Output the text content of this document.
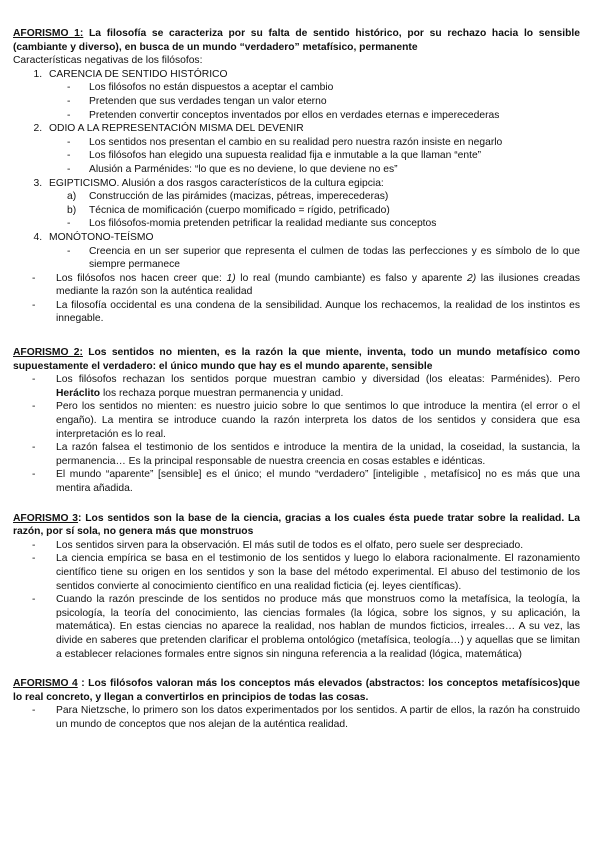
AFORISMO 1: La filosofía se caracteriza por su falta de sentido histórico, por su rechazo hacia lo sensible (cambiante y diverso), en busca de un mundo “verdadero” metafísico, permanente

Características negativas de los filósofos:

1. CARENCIA DE SENTIDO HISTÓRICO
- Los filósofos no están dispuestos a aceptar el cambio
- Pretenden que sus verdades tengan un valor eterno
- Pretenden convertir conceptos inventados por ellos en verdades eternas e imperecederas
2. ODIO A LA REPRESENTACIÓN MISMA DEL DEVENIR
- Los sentidos nos presentan el cambio en su realidad pero nuestra razón insiste en negarlo
- Los filósofos han elegido una supuesta realidad fija e inmutable a la que llaman “ente”
- Alusión a Parménides: “lo que es no deviene, lo que deviene no es”
3. EGIPTICISMO. Alusión a dos rasgos característicos de la cultura egipcia:
a) Construcción de las pirámides (macizas, pétreas, imperecederas)
b) Técnica de momificación (cuerpo momificado = rígido, petrificado)
- Los filósofos-momia pretenden petrificar la realidad mediante sus conceptos
4. MONÓTONO-TEÍSMO
- Creencia en un ser superior que representa el culmen de todas las perfecciones y es símbolo de lo que siempre permanece
- Los filósofos nos hacen creer que: 1) lo real (mundo cambiante) es falso y aparente 2) las ilusiones creadas mediante la razón son la auténtica realidad
- La filosofía occidental es una condena de la sensibilidad. Aunque los rechacemos, la realidad de los instintos es innegable.

AFORISMO 2: Los sentidos no mienten, es la razón la que miente, inventa, todo un mundo metafísico como supuestamente el verdadero: el único mundo que hay es el mundo aparente, sensible

- Los filósofos rechazan los sentidos porque muestran cambio y diversidad (los eleatas: Parménides). Pero Heráclito los rechaza porque muestran permanencia y unidad.
- Pero los sentidos no mienten: es nuestro juicio sobre lo que sentimos lo que introduce la mentira (el error o el engaño). La mentira se introduce cuando la razón interpreta los datos de los sentidos y considera que esa interpretación es lo real.
- La razón falsea el testimonio de los sentidos e introduce la mentira de la unidad, la coseidad, la sustancia, la permanencia… Es la principal responsable de nuestra creencia en cosas estables e idénticas.
- El mundo “aparente” [sensible] es el único; el mundo “verdadero” [inteligible , metafísico] no es más que una mentira añadida.

AFORISMO 3: Los sentidos son la base de la ciencia, gracias a los cuales ésta puede tratar sobre la realidad. La razón, por sí sola, no genera más que monstruos

- Los sentidos sirven para la observación. El más sutil de todos es el olfato, pero suele ser despreciado.
- La ciencia empírica se basa en el testimonio de los sentidos y luego lo elabora racionalmente. El razonamiento científico tiene su origen en los sentidos y son la base del método experimental. El abuso del testimonio de los sentidos convierte al conocimiento científico en una realidad ficticia (ej. leyes científicas).
- Cuando la razón prescinde de los sentidos no produce más que monstruos como la metafísica, la teología, la psicología, la teoría del conocimiento, las ciencias formales (la lógica, sobre los signos, y su aplicación, la matemática). En estas ciencias no aparece la realidad, nos hablan de mundos ficticios, irreales… A su vez, las divide en saberes que pretenden clarificar el problema ontológico (metafísica, teología…) y aquellas que se limitan a establecer relaciones formales entre signos sin ninguna referencia a la realidad (lógica, matemática)

AFORISMO 4 : Los filósofos valoran más los conceptos más elevados (abstractos: los conceptos metafísicos)que lo real concreto, y llegan a convertirlos en principios de todas las cosas.

- Para Nietzsche, lo primero son los datos experimentados por los sentidos. A partir de ellos, la razón ha construido un mundo de conceptos que nos alejan de la auténtica realidad.
